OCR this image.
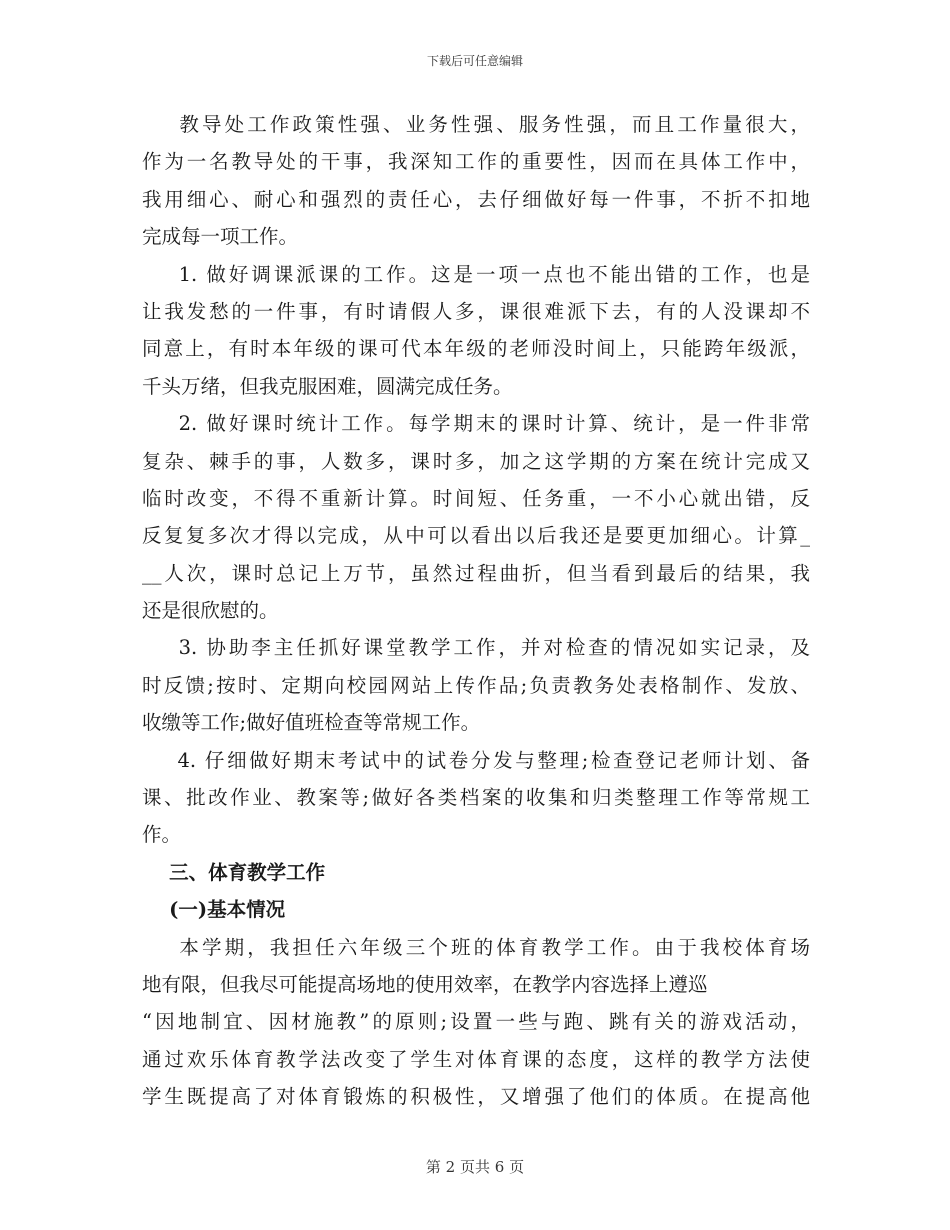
下载后可任意编辑
教导处工作政策性强、业务性强、服务性强，而且工作量很大，
作为一名教导处的干事，我深知工作的重要性，因而在具体工作中，
我用细心、耐心和强烈的责任心，去仔细做好每一件事，不折不扣地
完成每一项工作。
1. 做好调课派课的工作。这是一项一点也不能出错的工作，也是
让我发愁的一件事，有时请假人多，课很难派下去，有的人没课却不
同意上，有时本年级的课可代本年级的老师没时间上，只能跨年级派，
千头万绪，但我克服困难，圆满完成任务。
2. 做好课时统计工作。每学期末的课时计算、统计，是一件非常
复杂、棘手的事，人数多，课时多，加之这学期的方案在统计完成又
临时改变，不得不重新计算。时间短、任务重，一不小心就出错，反
反复复多次才得以完成，从中可以看出以后我还是要更加细心。计算_
__人次，课时总记上万节，虽然过程曲折，但当看到最后的结果，我
还是很欣慰的。
3. 协助李主任抓好课堂教学工作，并对检查的情况如实记录，及
时反馈;按时、定期向校园网站上传作品;负责教务处表格制作、发放、
收缴等工作;做好值班检查等常规工作。
4. 仔细做好期末考试中的试卷分发与整理;检查登记老师计划、备
课、批改作业、教案等;做好各类档案的收集和归类整理工作等常规工
作。
三、体育教学工作
(一)基本情况
本学期，我担任六年级三个班的体育教学工作。由于我校体育场
地有限，但我尽可能提高场地的使用效率，在教学内容选择上遵巡
“因地制宜、因材施教”的原则;设置一些与跑、跳有关的游戏活动，
通过欢乐体育教学法改变了学生对体育课的态度，这样的教学方法使
学生既提高了对体育锻炼的积极性，又增强了他们的体质。在提高他
第 2 页共 6 页
